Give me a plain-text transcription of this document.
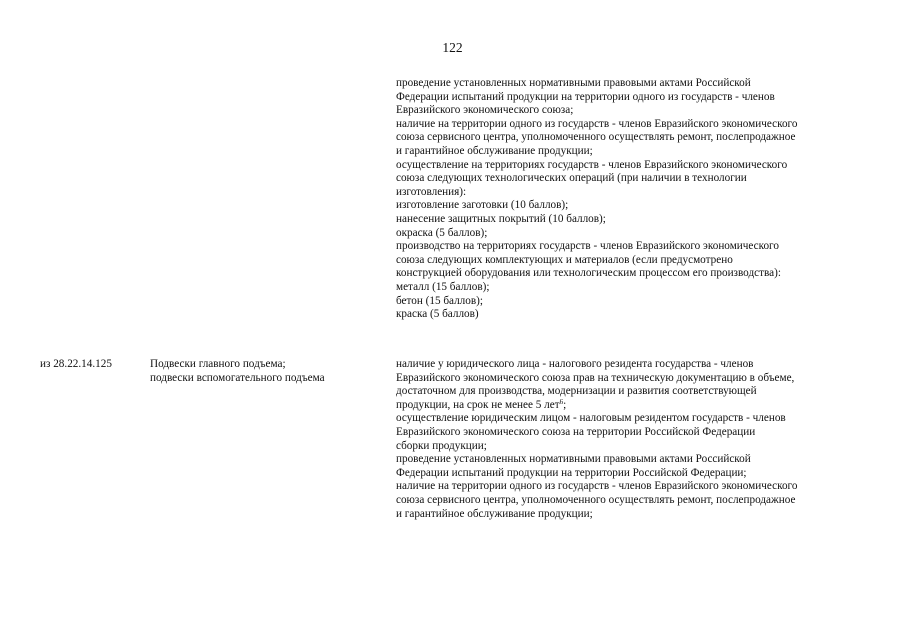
122
проведение установленных нормативными правовыми актами Российской
Федерации испытаний продукции на территории одного из государств - членов
Евразийского экономического союза;
наличие на территории одного из государств - членов Евразийского экономического
союза сервисного центра, уполномоченного осуществлять ремонт, послепродажное
и гарантийное обслуживание продукции;
осуществление на территориях государств - членов Евразийского экономического
союза следующих технологических операций (при наличии в технологии
изготовления):
изготовление заготовки (10 баллов);
нанесение защитных покрытий (10 баллов);
окраска (5 баллов);
производство на территориях государств - членов Евразийского экономического
союза следующих комплектующих и материалов (если предусмотрено
конструкцией оборудования или технологическим процессом его производства):
металл (15 баллов);
бетон (15 баллов);
краска (5 баллов)
из 28.22.14.125	Подвески главного подъема;
подвески вспомогательного подъема
наличие у юридического лица - налогового резидента государства - членов
Евразийского экономического союза прав на техническую документацию в объеме,
достаточном для производства, модернизации и развития соответствующей
продукции, на срок не менее 5 лет$^6$;
осуществление юридическим лицом - налоговым резидентом государств - членов
Евразийского экономического союза на территории Российской Федерации
сборки продукции;
проведение установленных нормативными правовыми актами Российской
Федерации испытаний продукции на территории Российской Федерации;
наличие на территории одного из государств - членов Евразийского экономического
союза сервисного центра, уполномоченного осуществлять ремонт, послепродажное
и гарантийное обслуживание продукции;
